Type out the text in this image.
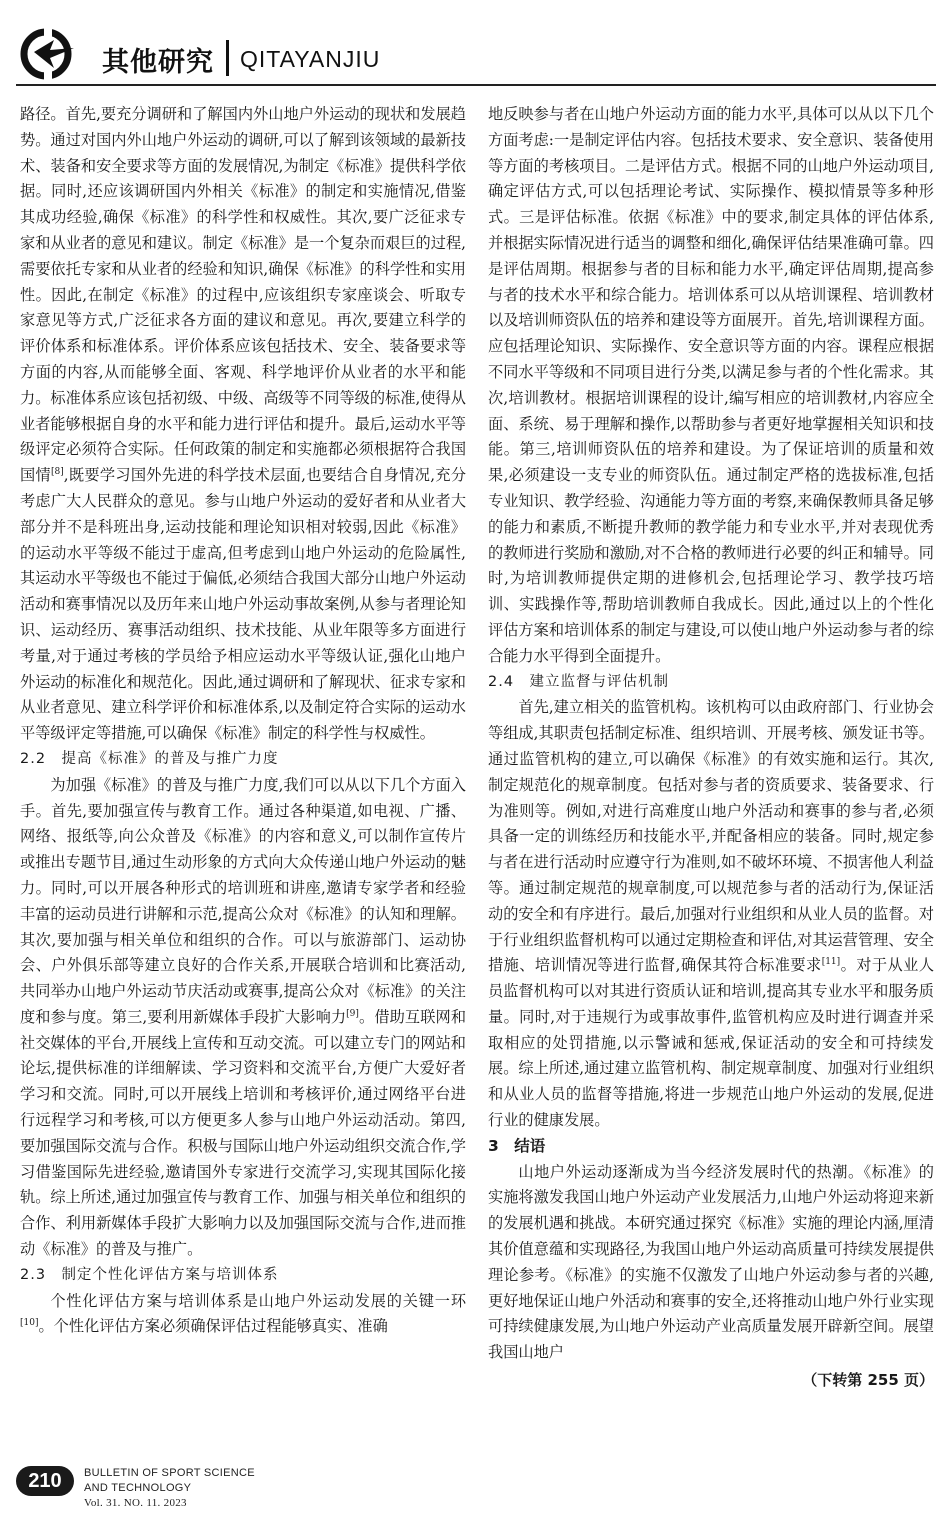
其他研究 QITAYANJIU

路径。首先,要充分调研和了解国内外山地户外运动的现状和发展趋势。通过对国内外山地户外运动的调研,可以了解到该领域的最新技术、装备和安全要求等方面的发展情况,为制定《标准》提供科学依据。同时,还应该调研国内外相关《标准》的制定和实施情况,借鉴其成功经验,确保《标准》的科学性和权威性。其次,要广泛征求专家和从业者的意见和建议。制定《标准》是一个复杂而艰巨的过程,需要依托专家和从业者的经验和知识,确保《标准》的科学性和实用性。因此,在制定《标准》的过程中,应该组织专家座谈会、听取专家意见等方式,广泛征求各方面的建议和意见。再次,要建立科学的评价体系和标准体系。评价体系应该包括技术、安全、装备要求等方面的内容,从而能够全面、客观、科学地评价从业者的水平和能力。标准体系应该包括初级、中级、高级等不同等级的标准,使得从业者能够根据自身的水平和能力进行评估和提升。最后,运动水平等级评定必须符合实际。任何政策的制定和实施都必须根据符合我国国情[8],既要学习国外先进的科学技术层面,也要结合自身情况,充分考虑广大人民群众的意见。参与山地户外运动的爱好者和从业者大部分并不是科班出身,运动技能和理论知识相对较弱,因此《标准》的运动水平等级不能过于虚高,但考虑到山地户外运动的危险属性,其运动水平等级也不能过于偏低,必须结合我国大部分山地户外运动活动和赛事情况以及历年来山地户外运动事故案例,从参与者理论知识、运动经历、赛事活动组织、技术技能、从业年限等多方面进行考量,对于通过考核的学员给予相应运动水平等级认证,强化山地户外运动的标准化和规范化。因此,通过调研和了解现状、征求专家和从业者意见、建立科学评价和标准体系,以及制定符合实际的运动水平等级评定等措施,可以确保《标准》制定的科学性与权威性。

2.2　提高《标准》的普及与推广力度

为加强《标准》的普及与推广力度,我们可以从以下几个方面入手。首先,要加强宣传与教育工作。通过各种渠道,如电视、广播、网络、报纸等,向公众普及《标准》的内容和意义,可以制作宣传片或推出专题节目,通过生动形象的方式向大众传递山地户外运动的魅力。同时,可以开展各种形式的培训班和讲座,邀请专家学者和经验丰富的运动员进行讲解和示范,提高公众对《标准》的认知和理解。其次,要加强与相关单位和组织的合作。可以与旅游部门、运动协会、户外俱乐部等建立良好的合作关系,开展联合培训和比赛活动,共同举办山地户外运动节庆活动或赛事,提高公众对《标准》的关注度和参与度。第三,要利用新媒体手段扩大影响力[9]。借助互联网和社交媒体的平台,开展线上宣传和互动交流。可以建立专门的网站和论坛,提供标准的详细解读、学习资料和交流平台,方便广大爱好者学习和交流。同时,可以开展线上培训和考核评价,通过网络平台进行远程学习和考核,可以方便更多人参与山地户外运动活动。第四,要加强国际交流与合作。积极与国际山地户外运动组织交流合作,学习借鉴国际先进经验,邀请国外专家进行交流学习,实现其国际化接轨。综上所述,通过加强宣传与教育工作、加强与相关单位和组织的合作、利用新媒体手段扩大影响力以及加强国际交流与合作,进而推动《标准》的普及与推广。

2.3　制定个性化评估方案与培训体系

个性化评估方案与培训体系是山地户外运动发展的关键一环[10]。个性化评估方案必须确保评估过程能够真实、准确

地反映参与者在山地户外运动方面的能力水平,具体可以从以下几个方面考虑:一是制定评估内容。包括技术要求、安全意识、装备使用等方面的考核项目。二是评估方式。根据不同的山地户外运动项目,确定评估方式,可以包括理论考试、实际操作、模拟情景等多种形式。三是评估标准。依据《标准》中的要求,制定具体的评估体系,并根据实际情况进行适当的调整和细化,确保评估结果准确可靠。四是评估周期。根据参与者的目标和能力水平,确定评估周期,提高参与者的技术水平和综合能力。培训体系可以从培训课程、培训教材以及培训师资队伍的培养和建设等方面展开。首先,培训课程方面。应包括理论知识、实际操作、安全意识等方面的内容。课程应根据不同水平等级和不同项目进行分类,以满足参与者的个性化需求。其次,培训教材。根据培训课程的设计,编写相应的培训教材,内容应全面、系统、易于理解和操作,以帮助参与者更好地掌握相关知识和技能。第三,培训师资队伍的培养和建设。为了保证培训的质量和效果,必须建设一支专业的师资队伍。通过制定严格的选拔标准,包括专业知识、教学经验、沟通能力等方面的考察,来确保教师具备足够的能力和素质,不断提升教师的教学能力和专业水平,并对表现优秀的教师进行奖励和激励,对不合格的教师进行必要的纠正和辅导。同时,为培训教师提供定期的进修机会,包括理论学习、教学技巧培训、实践操作等,帮助培训教师自我成长。因此,通过以上的个性化评估方案和培训体系的制定与建设,可以使山地户外运动参与者的综合能力水平得到全面提升。

2.4　建立监督与评估机制

首先,建立相关的监管机构。该机构可以由政府部门、行业协会等组成,其职责包括制定标准、组织培训、开展考核、颁发证书等。通过监管机构的建立,可以确保《标准》的有效实施和运行。其次,制定规范化的规章制度。包括对参与者的资质要求、装备要求、行为准则等。例如,对进行高难度山地户外活动和赛事的参与者,必须具备一定的训练经历和技能水平,并配备相应的装备。同时,规定参与者在进行活动时应遵守行为准则,如不破坏环境、不损害他人利益等。通过制定规范的规章制度,可以规范参与者的活动行为,保证活动的安全和有序进行。最后,加强对行业组织和从业人员的监督。对于行业组织监督机构可以通过定期检查和评估,对其运营管理、安全措施、培训情况等进行监督,确保其符合标准要求[11]。对于从业人员监督机构可以对其进行资质认证和培训,提高其专业水平和服务质量。同时,对于违规行为或事故事件,监管机构应及时进行调查并采取相应的处罚措施,以示警诫和惩戒,保证活动的安全和可持续发展。综上所述,通过建立监管机构、制定规章制度、加强对行业组织和从业人员的监督等措施,将进一步规范山地户外运动的发展,促进行业的健康发展。

3　结语

山地户外运动逐渐成为当今经济发展时代的热潮。《标准》的实施将激发我国山地户外运动产业发展活力,山地户外运动将迎来新的发展机遇和挑战。本研究通过探究《标准》实施的理论内涵,厘清其价值意蕴和实现路径,为我国山地户外运动高质量可持续发展提供理论参考。《标准》的实施不仅激发了山地户外运动参与者的兴趣,更好地保证山地户外活动和赛事的安全,还将推动山地户外行业实现可持续健康发展,为山地户外运动产业高质量发展开辟新空间。展望我国山地户

（下转第 255 页）
210	BULLETIN OF SPORT SCIENCE
AND TECHNOLOGY
Vol. 31. NO. 11. 2023
